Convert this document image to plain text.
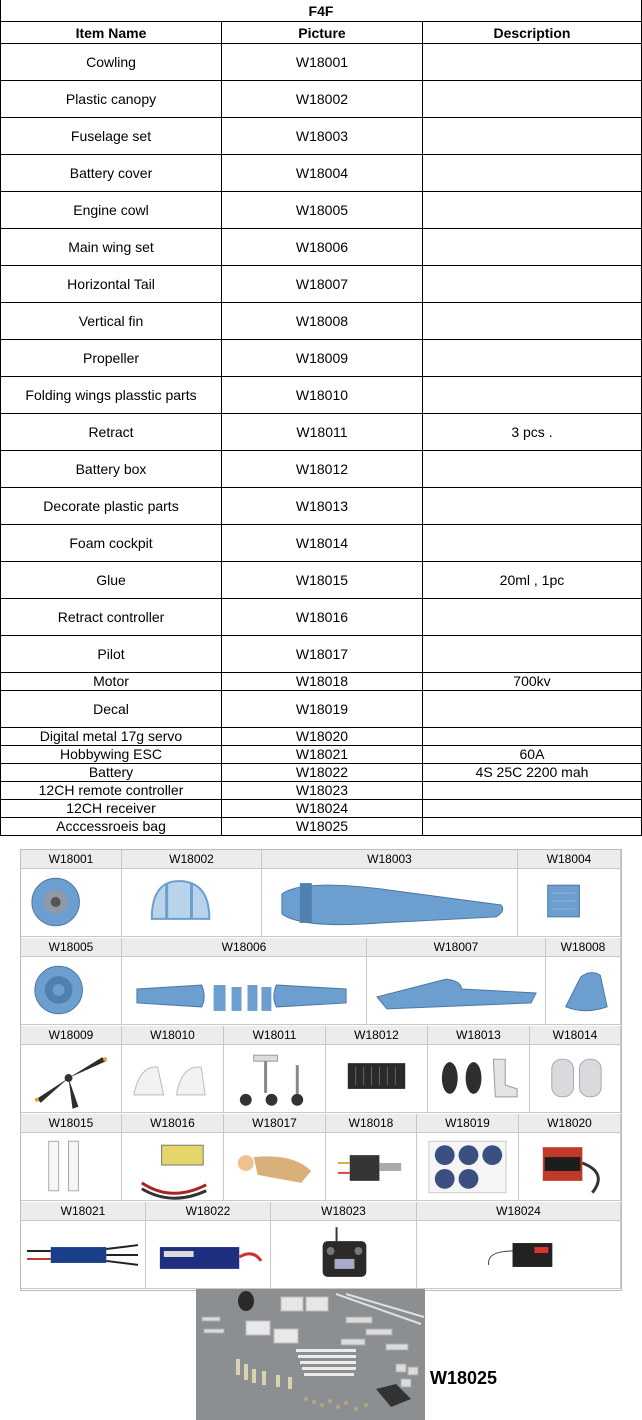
F4F		
Item Name	Picture	Description
Cowling	W18001	
Plastic canopy	W18002	
Fuselage set	W18003	
Battery cover	W18004	
Engine cowl	W18005	
Main wing set	W18006	
Horizontal Tail	W18007	
Vertical fin	W18008	
Propeller	W18009	
Folding wings plasstic parts	W18010	
Retract	W18011	3 pcs .
Battery box	W18012	
Decorate plastic parts	W18013	
Foam cockpit	W18014	
Glue	W18015	20ml , 1pc
Retract controller	W18016	
Pilot	W18017	
Motor	W18018	700kv
Decal	W18019	
Digital metal 17g servo	W18020	
Hobbywing ESC	W18021	60A
Battery	W18022	4S 25C 2200 mah
12CH remote controller	W18023	
12CH receiver	W18024	
Acccessroeis bag	W18025	
W18001	W18002	W18003	W18004
W18005	W18006	W18007	W18008
W18009	W18010	W18011	W18012	W18013	W18014
W18015	W18016	W18017	W18018	W18019	W18020
W18021	W18022	W18023	W18024
W18025
